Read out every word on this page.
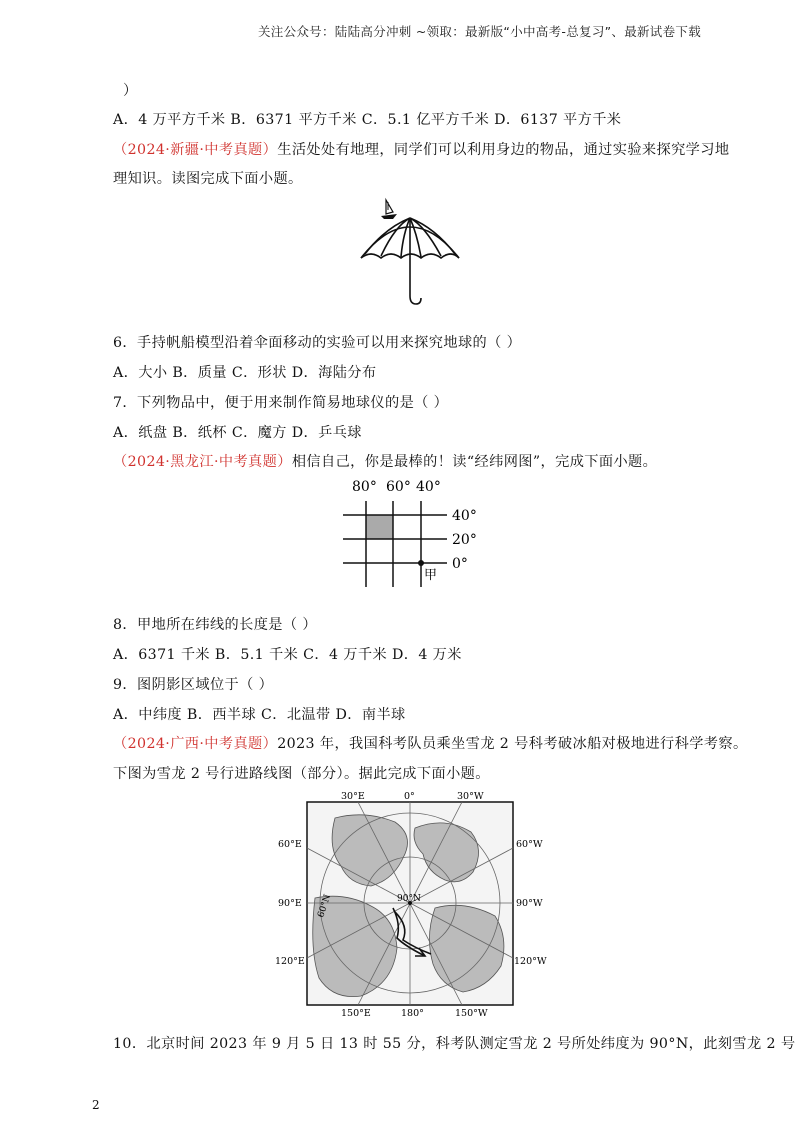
关注公众号：陆陆高分冲刺 ~领取：最新版“小中高考-总复习”、最新试卷下载
）
A．4 万平方千米 B．6371 平方千米 C．5.1 亿平方千米 D．6137 平方千米
（2024·新疆·中考真题）生活处处有地理，同学们可以利用身边的物品，通过实验来探究学习地
理知识。读图完成下面小题。
6．手持帆船模型沿着伞面移动的实验可以用来探究地球的（ ）
A．大小 B．质量 C．形状 D．海陆分布
7．下列物品中，便于用来制作简易地球仪的是（ ）
A．纸盘 B．纸杯 C．魔方 D．乒乓球
（2024·黑龙江·中考真题）相信自己，你是最棒的！读“经纬网图”，完成下面小题。
80° 60° 40°
40°
20°
0°
甲
8．甲地所在纬线的长度是（ ）
A．6371 千米 B．5.1 千米 C．4 万千米 D．4 万米
9．图阴影区域位于（ ）
A．中纬度 B．西半球 C．北温带 D．南半球
（2024·广西·中考真题）2023 年，我国科考队员乘坐雪龙 2 号科考破冰船对极地进行科学考察。
下图为雪龙 2 号行进路线图（部分）。据此完成下面小题。
90°N
60°N
30°E	0°	30°W
60°E
90°E
120°E
60°W
90°W
120°W
150°E	180°	150°W
10．北京时间 2023 年 9 月 5 日 13 时 55 分，科考队测定雪龙 2 号所处纬度为 90°N，此刻雪龙 2 号
2
